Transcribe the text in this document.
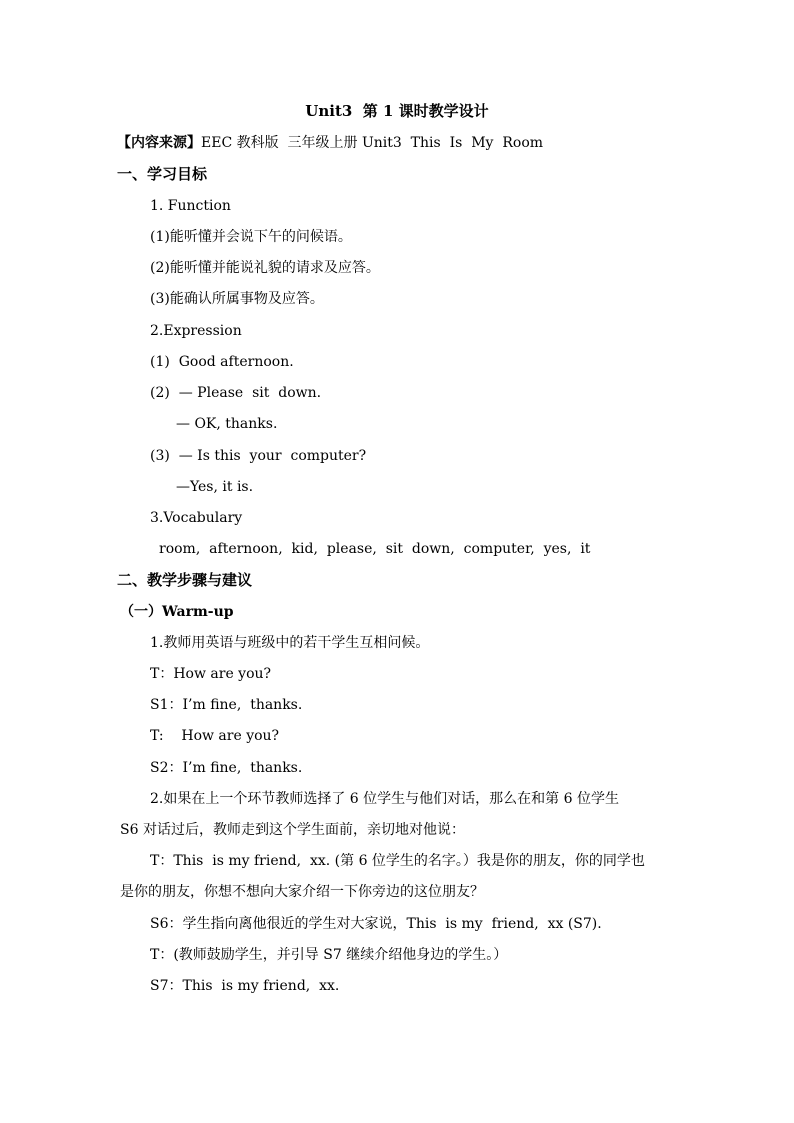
Unit3  第 1 课时教学设计
【内容来源】EEC 教科版  三年级上册 Unit3  This  Is  My  Room
一、学习目标
1. Function
(1)能听懂并会说下午的问候语。
(2)能听懂并能说礼貌的请求及应答。
(3)能确认所属事物及应答。
2.Expression
(1)  Good afternoon.
(2)  — Please  sit  down.
— OK, thanks.
(3)  — Is this  your  computer?
—Yes, it is.
3.Vocabulary
room,  afternoon,  kid,  please,  sit  down,  computer,  yes,  it
二、教学步骤与建议
（一）Warm-up
1.教师用英语与班级中的若干学生互相问候。
T：How are you?
S1：I’m fine,  thanks.
T:    How are you?
S2：I’m fine,  thanks.
2.如果在上一个环节教师选择了 6 位学生与他们对话，那么在和第 6 位学生
S6 对话过后，教师走到这个学生面前，亲切地对他说：
T：This  is my friend,  xx. (第 6 位学生的名字。）我是你的朋友，你的同学也
是你的朋友，你想不想向大家介绍一下你旁边的这位朋友？
S6：学生指向离他很近的学生对大家说，This  is my  friend,  xx (S7).
T：(教师鼓励学生，并引导 S7 继续介绍他身边的学生。）
S7：This  is my friend,  xx.
